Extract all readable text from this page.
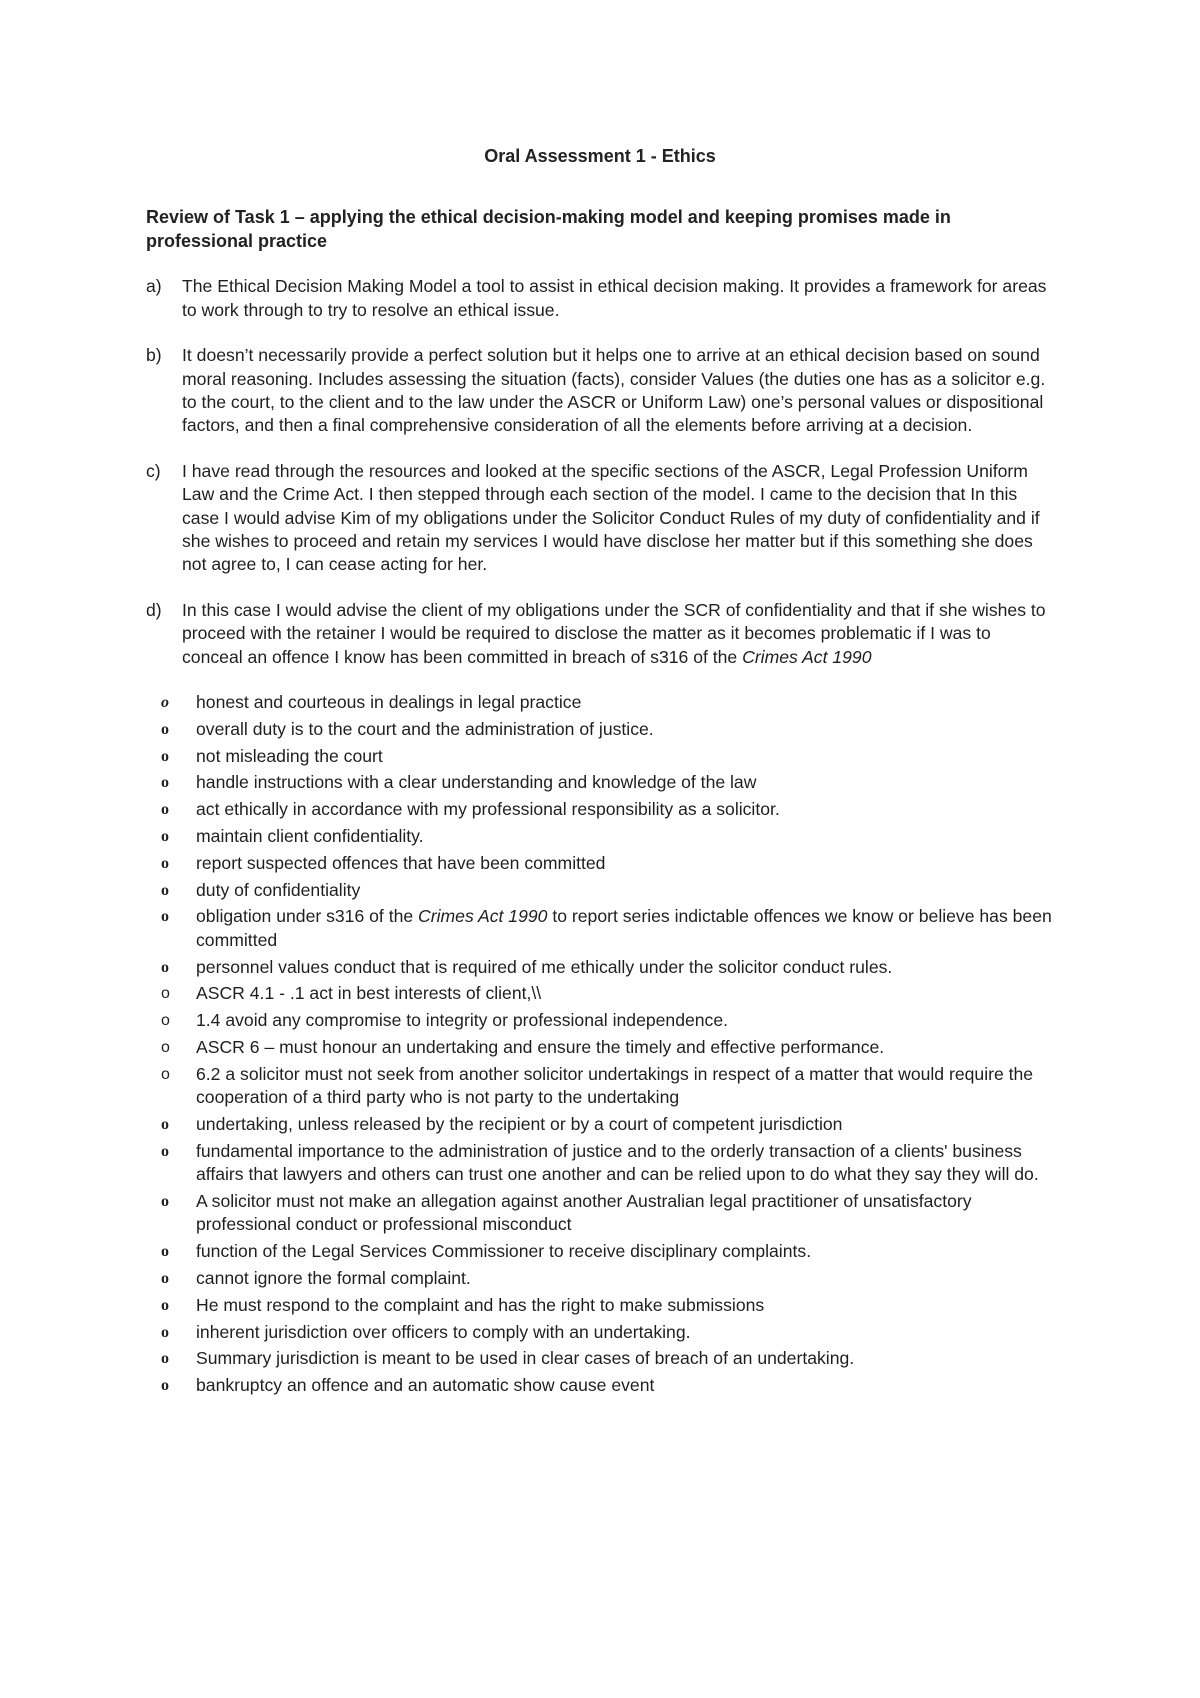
Oral Assessment 1 - Ethics
Review of Task 1 – applying the ethical decision-making model and keeping promises made in professional practice
a) The Ethical Decision Making Model a tool to assist in ethical decision making. It provides a framework for areas to work through to try to resolve an ethical issue.
b) It doesn’t necessarily provide a perfect solution but it helps one to arrive at an ethical decision based on sound moral reasoning. Includes assessing the situation (facts), consider Values (the duties one has as a solicitor e.g. to the court, to the client and to the law under the ASCR or Uniform Law) one’s personal values or dispositional factors, and then a final comprehensive consideration of all the elements before arriving at a decision.
c) I have read through the resources and looked at the specific sections of the ASCR, Legal Profession Uniform Law and the Crime Act. I then stepped through each section of the model. I came to the decision that In this case I would advise Kim of my obligations under the Solicitor Conduct Rules of my duty of confidentiality and if she wishes to proceed and retain my services I would have disclose her matter but if this something she does not agree to, I can cease acting for her.
d) In this case I would advise the client of my obligations under the SCR of confidentiality and that if she wishes to proceed with the retainer I would be required to disclose the matter as it becomes problematic if I was to conceal an offence I know has been committed in breach of s316 of the Crimes Act 1990
o honest and courteous in dealings in legal practice
o overall duty is to the court and the administration of justice.
o not misleading the court
o handle instructions with a clear understanding and knowledge of the law
o act ethically in accordance with my professional responsibility as a solicitor.
o maintain client confidentiality.
o report suspected offences that have been committed
o duty of confidentiality
o obligation under s316 of the Crimes Act 1990 to report series indictable offences we know or believe has been committed
o personnel values conduct that is required of me ethically under the solicitor conduct rules.
o ASCR 4.1 - .1 act in best interests of client,\\
o 1.4 avoid any compromise to integrity or professional independence.
o ASCR 6 – must honour an undertaking and ensure the timely and effective performance.
o 6.2 a solicitor must not seek from another solicitor undertakings in respect of a matter that would require the cooperation of a third party who is not party to the undertaking
o undertaking, unless released by the recipient or by a court of competent jurisdiction
o fundamental importance to the administration of justice and to the orderly transaction of a clients' business affairs that lawyers and others can trust one another and can be relied upon to do what they say they will do.
o A solicitor must not make an allegation against another Australian legal practitioner of unsatisfactory professional conduct or professional misconduct
o function of the Legal Services Commissioner to receive disciplinary complaints.
o cannot ignore the formal complaint.
o He must respond to the complaint and has the right to make submissions
o inherent jurisdiction over officers to comply with an undertaking.
o Summary jurisdiction is meant to be used in clear cases of breach of an undertaking.
o bankruptcy an offence and an automatic show cause event
